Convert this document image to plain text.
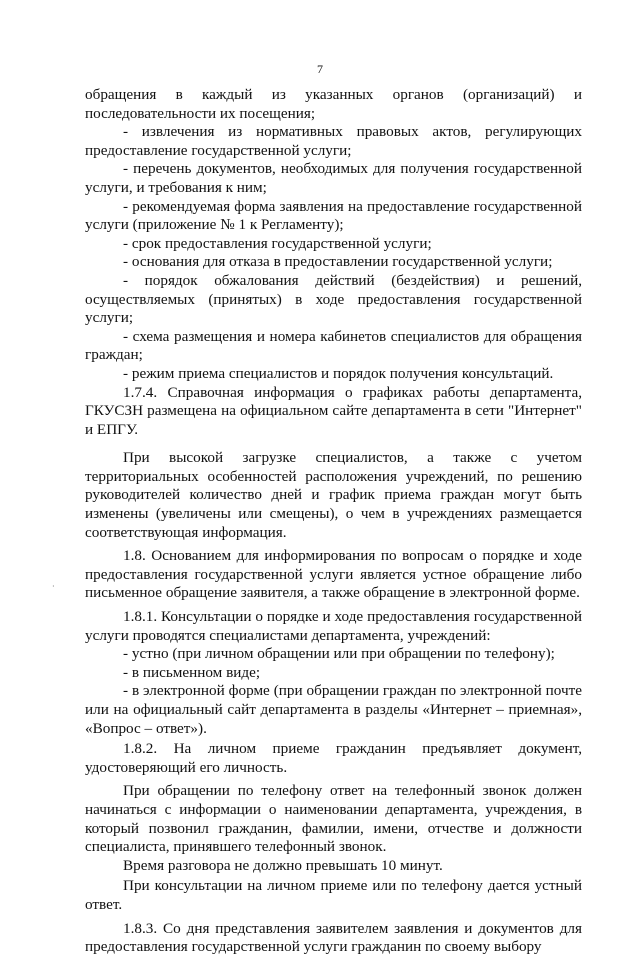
7
·

обращения в каждый из указанных органов (организаций) и последовательности их посещения;

- извлечения из нормативных правовых актов, регулирующих предоставление государственной услуги;

- перечень документов, необходимых для получения государственной услуги, и требования к ним;

- рекомендуемая форма заявления на предоставление государственной услуги (приложение № 1 к Регламенту);

- срок предоставления государственной услуги;

- основания для отказа в предоставлении государственной услуги;

- порядок обжалования действий (бездействия) и решений, осуществляемых (принятых) в ходе предоставления государственной услуги;

- схема размещения и номера кабинетов специалистов для обращения граждан;

- режим приема специалистов и порядок получения консультаций.

1.7.4. Справочная информация о графиках работы департамента, ГКУСЗН размещена на официальном сайте департамента в сети "Интернет" и ЕПГУ.

При высокой загрузке специалистов, а также с учетом территориальных особенностей расположения учреждений, по решению руководителей количество дней и график приема граждан могут быть изменены (увеличены или смещены), о чем в учреждениях размещается соответствующая информация.

1.8. Основанием для информирования по вопросам о порядке и ходе предоставления государственной услуги является устное обращение либо письменное обращение заявителя, а также обращение в электронной форме.

1.8.1. Консультации о порядке и ходе предоставления государственной услуги проводятся специалистами департамента, учреждений:

- устно (при личном обращении или при обращении по телефону);

- в письменном виде;

- в электронной форме (при обращении граждан по электронной почте или на официальный сайт департамента в разделы «Интернет – приемная», «Вопрос – ответ»).

1.8.2. На личном приеме гражданин предъявляет документ, удостоверяющий его личность.

При обращении по телефону ответ на телефонный звонок должен начинаться с информации о наименовании департамента, учреждения, в который позвонил гражданин, фамилии, имени, отчестве и должности специалиста, принявшего телефонный звонок.

Время разговора не должно превышать 10 минут.

При консультации на личном приеме или по телефону дается устный ответ.

1.8.3. Со дня представления заявителем заявления и документов для предоставления государственной услуги гражданин по своему выбору
